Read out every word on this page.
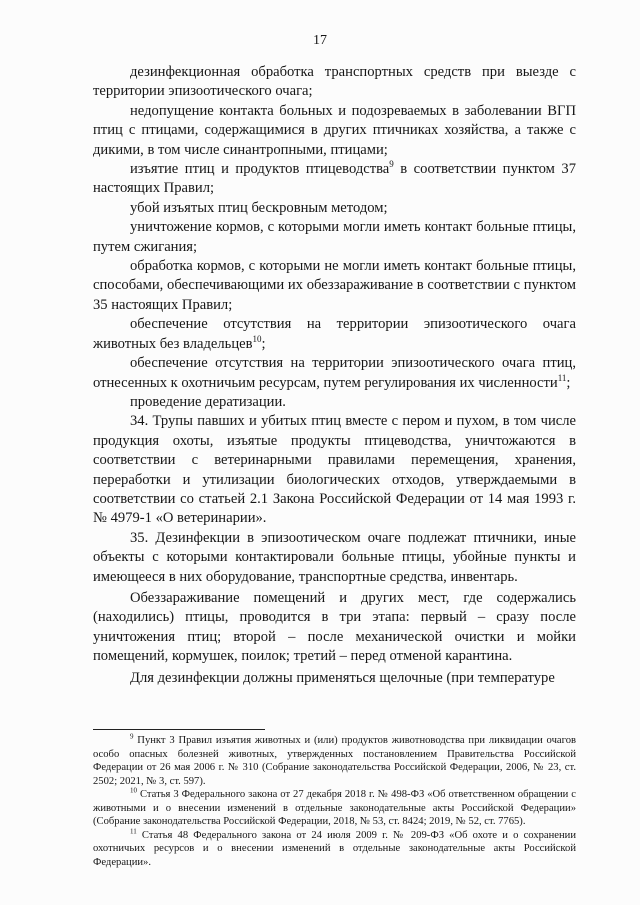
17

дезинфекционная обработка транспортных средств при выезде с территории эпизоотического очага;

недопущение контакта больных и подозреваемых в заболевании ВГП птиц с птицами, содержащимися в других птичниках хозяйства, а также с дикими, в том числе синантропными, птицами;

изъятие птиц и продуктов птицеводства$^9$ в соответствии пунктом 37 настоящих Правил;

убой изъятых птиц бескровным методом;

уничтожение кормов, с которыми могли иметь контакт больные птицы, путем сжигания;

обработка кормов, с которыми не могли иметь контакт больные птицы, способами, обеспечивающими их обеззараживание в соответствии с пунктом 35 настоящих Правил;

обеспечение отсутствия на территории эпизоотического очага животных без владельцев$^{10}$;

обеспечение отсутствия на территории эпизоотического очага птиц, отнесенных к охотничьим ресурсам, путем регулирования их численности$^{11}$;

проведение дератизации.

34. Трупы павших и убитых птиц вместе с пером и пухом, в том числе продукция охоты, изъятые продукты птицеводства, уничтожаются в соответствии с ветеринарными правилами перемещения, хранения, переработки и утилизации биологических отходов, утверждаемыми в соответствии со статьей 2.1 Закона Российской Федерации от 14 мая 1993 г. № 4979-1 «О ветеринарии».

35. Дезинфекции в эпизоотическом очаге подлежат птичники, иные объекты с которыми контактировали больные птицы, убойные пункты и имеющееся в них оборудование, транспортные средства, инвентарь.

Обеззараживание помещений и других мест, где содержались (находились) птицы, проводится в три этапа: первый – сразу после уничтожения птиц; второй – после механической очистки и мойки помещений, кормушек, поилок; третий – перед отменой карантина.

Для дезинфекции должны применяться щелочные (при температуре

$^9$ Пункт 3 Правил изъятия животных и (или) продуктов животноводства при ликвидации очагов особо опасных болезней животных, утвержденных постановлением Правительства Российской Федерации от 26 мая 2006 г. № 310 (Собрание законодательства Российской Федерации, 2006, № 23, ст. 2502; 2021, № 3, ст. 597).

$^{10}$ Статья 3 Федерального закона от 27 декабря 2018 г. № 498-ФЗ «Об ответственном обращении с животными и о внесении изменений в отдельные законодательные акты Российской Федерации» (Собрание законодательства Российской Федерации, 2018, № 53, ст. 8424; 2019, № 52, ст. 7765).

$^{11}$ Статья 48 Федерального закона от 24 июля 2009 г. № 209-ФЗ «Об охоте и о сохранении охотничьих ресурсов и о внесении изменений в отдельные законодательные акты Российской Федерации».
